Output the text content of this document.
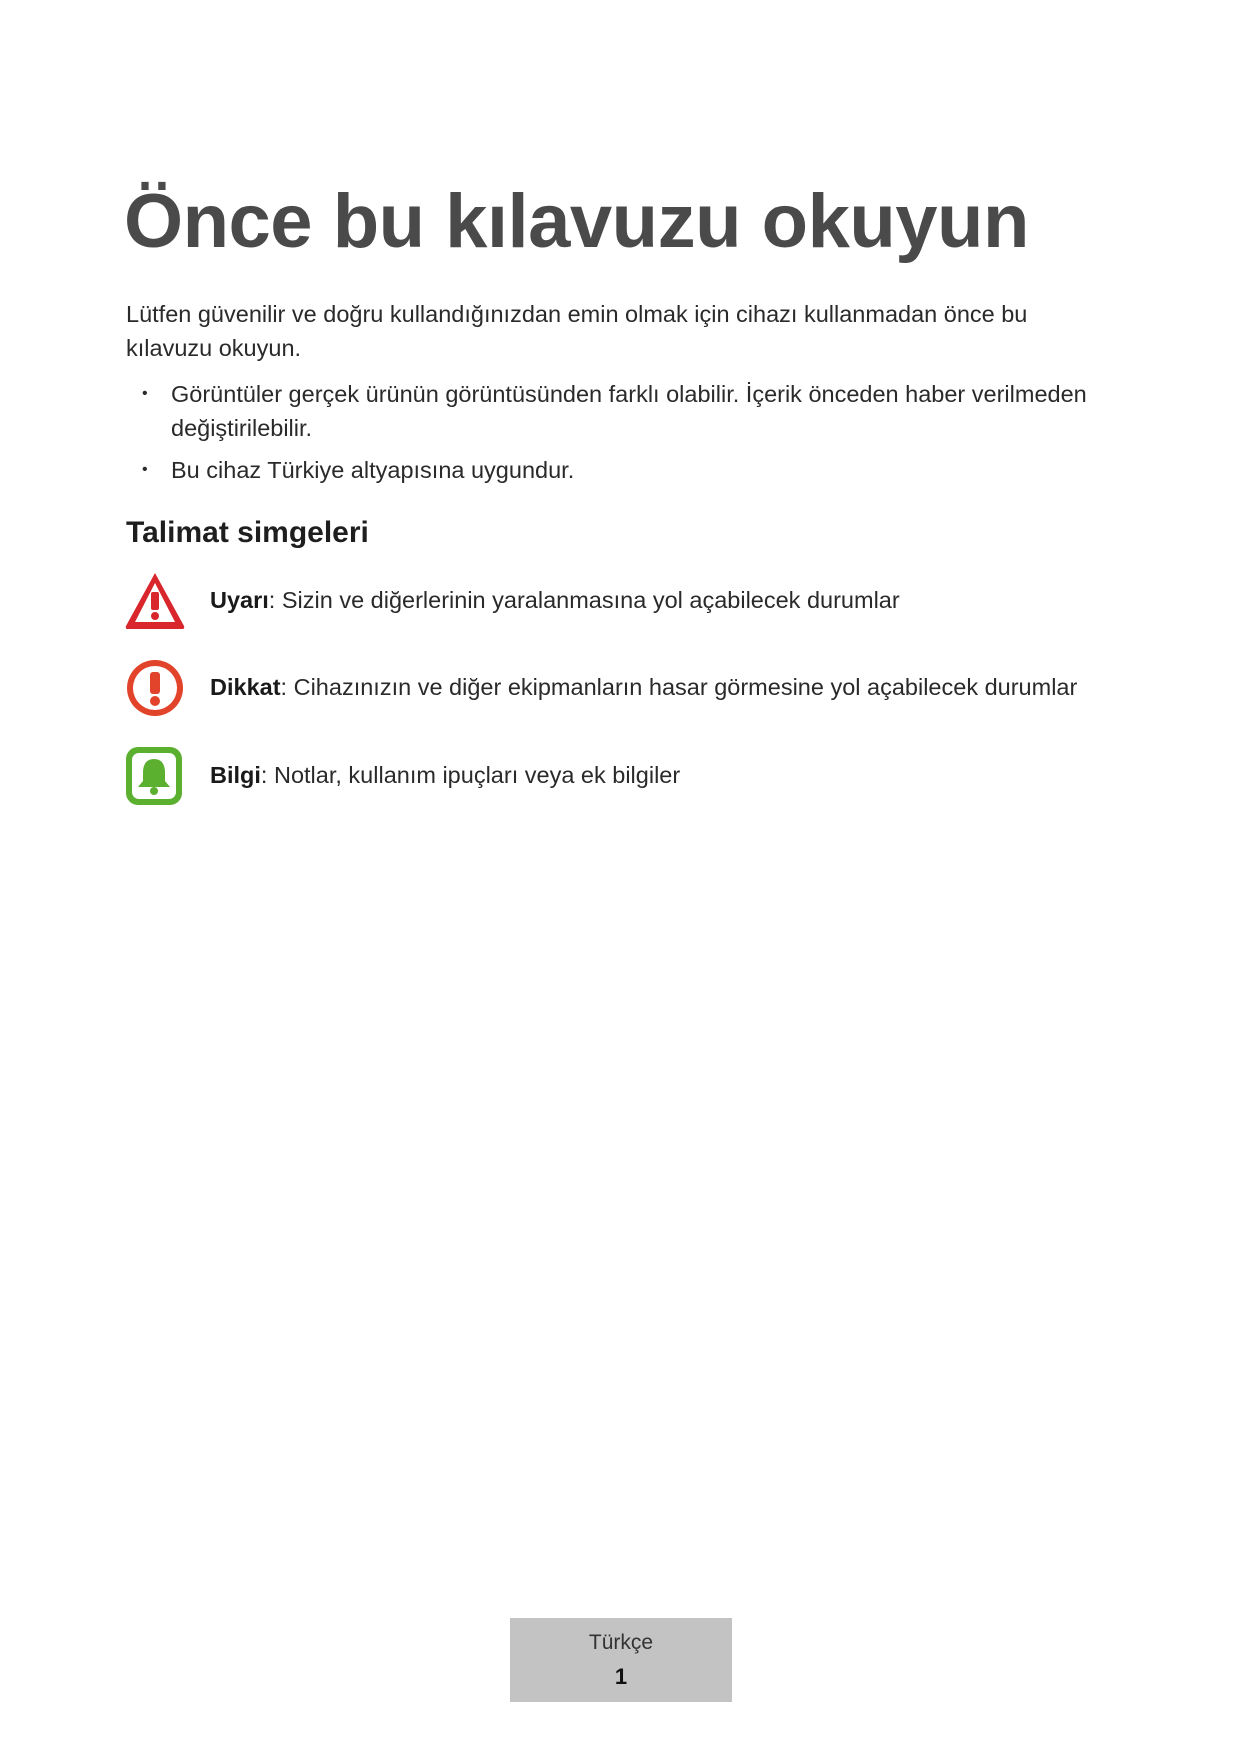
Önce bu kılavuzu okuyun

Lütfen güvenilir ve doğru kullandığınızdan emin olmak için cihazı kullanmadan önce bu kılavuzu okuyun.

• Görüntüler gerçek ürünün görüntüsünden farklı olabilir. İçerik önceden haber verilmeden değiştirilebilir.
• Bu cihaz Türkiye altyapısına uygundur.
Talimat simgeleri
Uyarı: Sizin ve diğerlerinin yaralanmasına yol açabilecek durumlar
Dikkat: Cihazınızın ve diğer ekipmanların hasar görmesine yol açabilecek durumlar
Bilgi: Notlar, kullanım ipuçları veya ek bilgiler
Türkçe
1
